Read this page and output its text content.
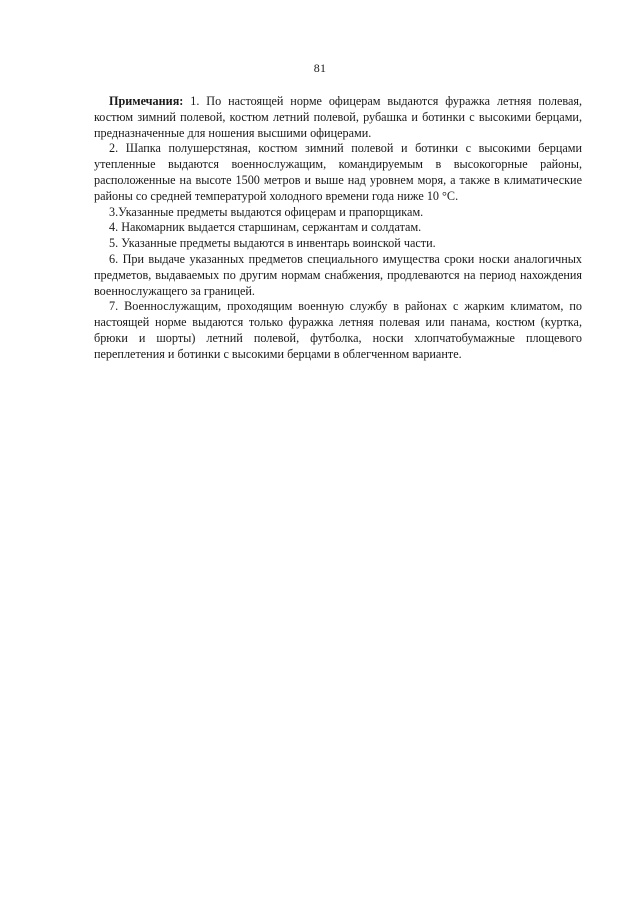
81

Примечания: 1. По настоящей норме офицерам выдаются фуражка летняя полевая, костюм зимний полевой, костюм летний полевой, рубашка и ботинки с высокими берцами, предназначенные для ношения высшими офицерами.

2. Шапка полушерстяная, костюм зимний полевой и ботинки с высокими берцами утепленные выдаются военнослужащим, командируемым в высокогорные районы, расположенные на высоте 1500 метров и выше над уровнем моря, а также в климатические районы со средней температурой холодного времени года ниже 10 °С.

3.Указанные предметы выдаются офицерам и прапорщикам.

4. Накомарник выдается старшинам, сержантам и солдатам.

5. Указанные предметы выдаются в инвентарь воинской части.

6. При выдаче указанных предметов специального имущества сроки носки аналогичных предметов, выдаваемых по другим нормам снабжения, продлеваются на период нахождения военнослужащего за границей.

7. Военнослужащим, проходящим военную службу в районах с жарким климатом, по настоящей норме выдаются только фуражка летняя полевая или панама, костюм (куртка, брюки и шорты) летний полевой, футболка, носки хлопчатобумажные площевого переплетения и ботинки с высокими берцами в облегченном варианте.
